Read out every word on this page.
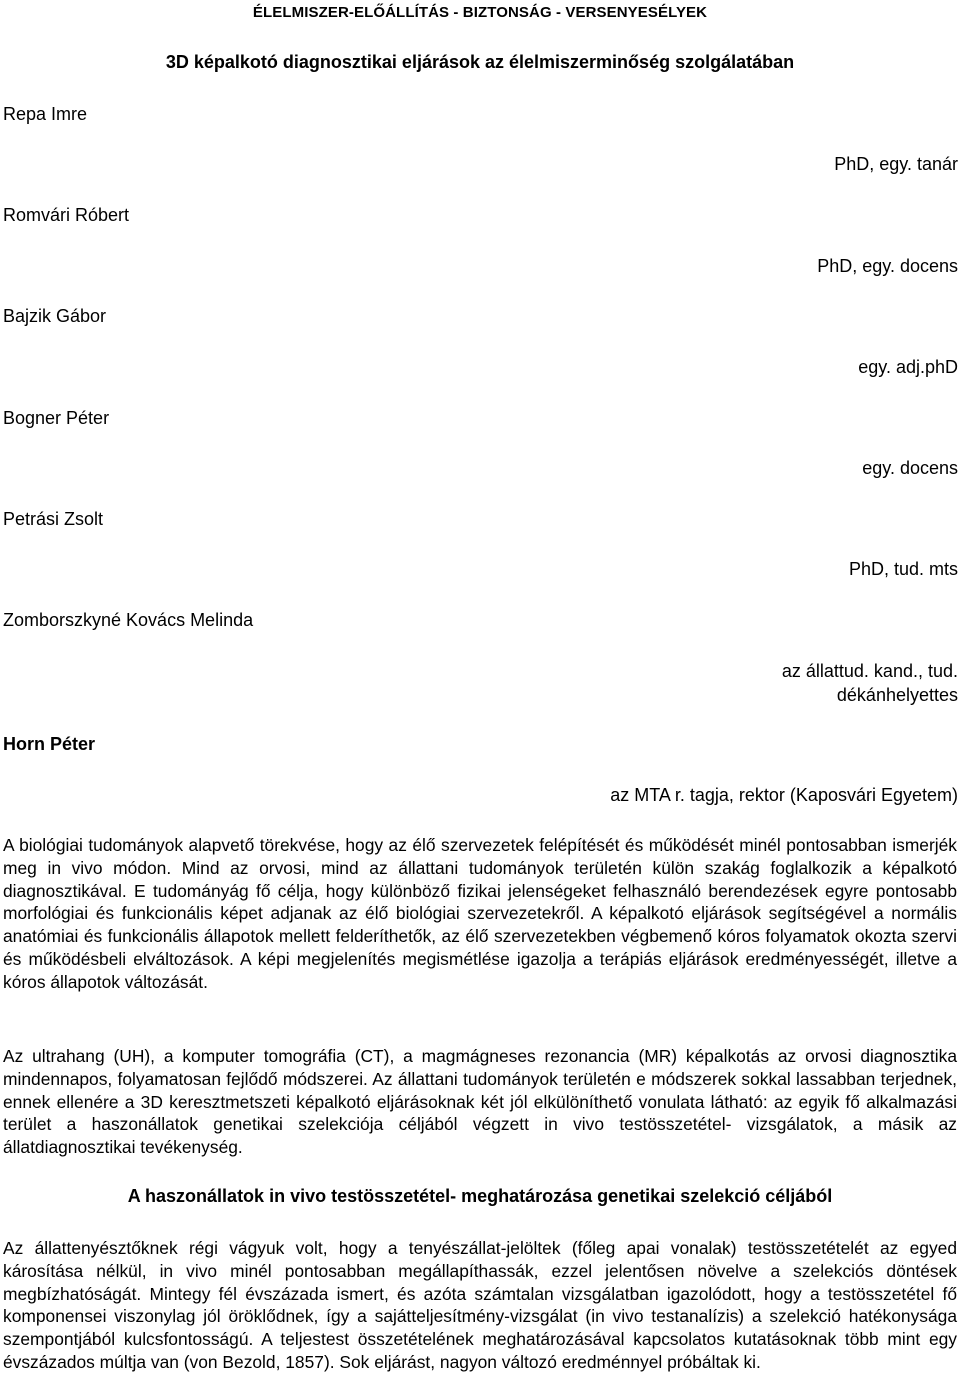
ÉLELMISZER-ELŐÁLLÍTÁS - BIZTONSÁG - VERSENYESÉLYEK
3D képalkotó diagnosztikai eljárások az élelmiszerminőség szolgálatában
Repa Imre
PhD, egy. tanár
Romvári Róbert
PhD, egy. docens
Bajzik Gábor
egy. adj.phD
Bogner Péter
egy. docens
Petrási Zsolt
PhD, tud. mts
Zomborszkyné Kovács Melinda
az állattud. kand., tud.
dékánhelyettes
Horn Péter
az MTA r. tagja, rektor (Kaposvári Egyetem)
A biológiai tudományok alapvető törekvése, hogy az élő szervezetek felépítését és működését minél pontosabban ismerjék meg in vivo módon. Mind az orvosi, mind az állattani tudományok területén külön szakág foglalkozik a képalkotó diagnosztikával. E tudományág fő célja, hogy különböző fizikai jelenségeket felhasználó berendezések egyre pontosabb morfológiai és funkcionális képet adjanak az élő biológiai szervezetekről. A képalkotó eljárások segítségével a normális anatómiai és funkcionális állapotok mellett felderíthetők, az élő szervezetekben végbemenő kóros folyamatok okozta szervi és működésbeli elváltozások. A képi megjelenítés megismétlése igazolja a terápiás eljárások eredményességét, illetve a kóros állapotok változását.
Az ultrahang (UH), a komputer tomográfia (CT), a magmágneses rezonancia (MR) képalkotás az orvosi diagnosztika mindennapos, folyamatosan fejlődő módszerei. Az állattani tudományok területén e módszerek sokkal lassabban terjednek, ennek ellenére a 3D keresztmetszeti képalkotó eljárásoknak két jól elkülöníthető vonulata látható: az egyik fő alkalmazási terület a haszonállatok genetikai szelekciója céljából végzett in vivo testösszetétel- vizsgálatok, a másik az állatdiagnosztikai tevékenység.
A haszonállatok in vivo testösszetétel- meghatározása genetikai szelekció céljából
Az állattenyésztőknek régi vágyuk volt, hogy a tenyészállat-jelöltek (főleg apai vonalak) testösszetételét az egyed károsítása nélkül, in vivo minél pontosabban megállapíthassák, ezzel jelentősen növelve a szelekciós döntések megbízhatóságát. Mintegy fél évszázada ismert, és azóta számtalan vizsgálatban igazolódott, hogy a testösszetétel fő komponensei viszonylag jól öröklődnek, így a sajátteljesítmény-vizsgálat (in vivo testanalízis) a szelekció hatékonysága szempontjából kulcsfontosságú. A teljestest összetételének meghatározásával kapcsolatos kutatásoknak több mint egy évszázados múltja van (von Bezold, 1857). Sok eljárást, nagyon változó eredménnyel próbáltak ki.
